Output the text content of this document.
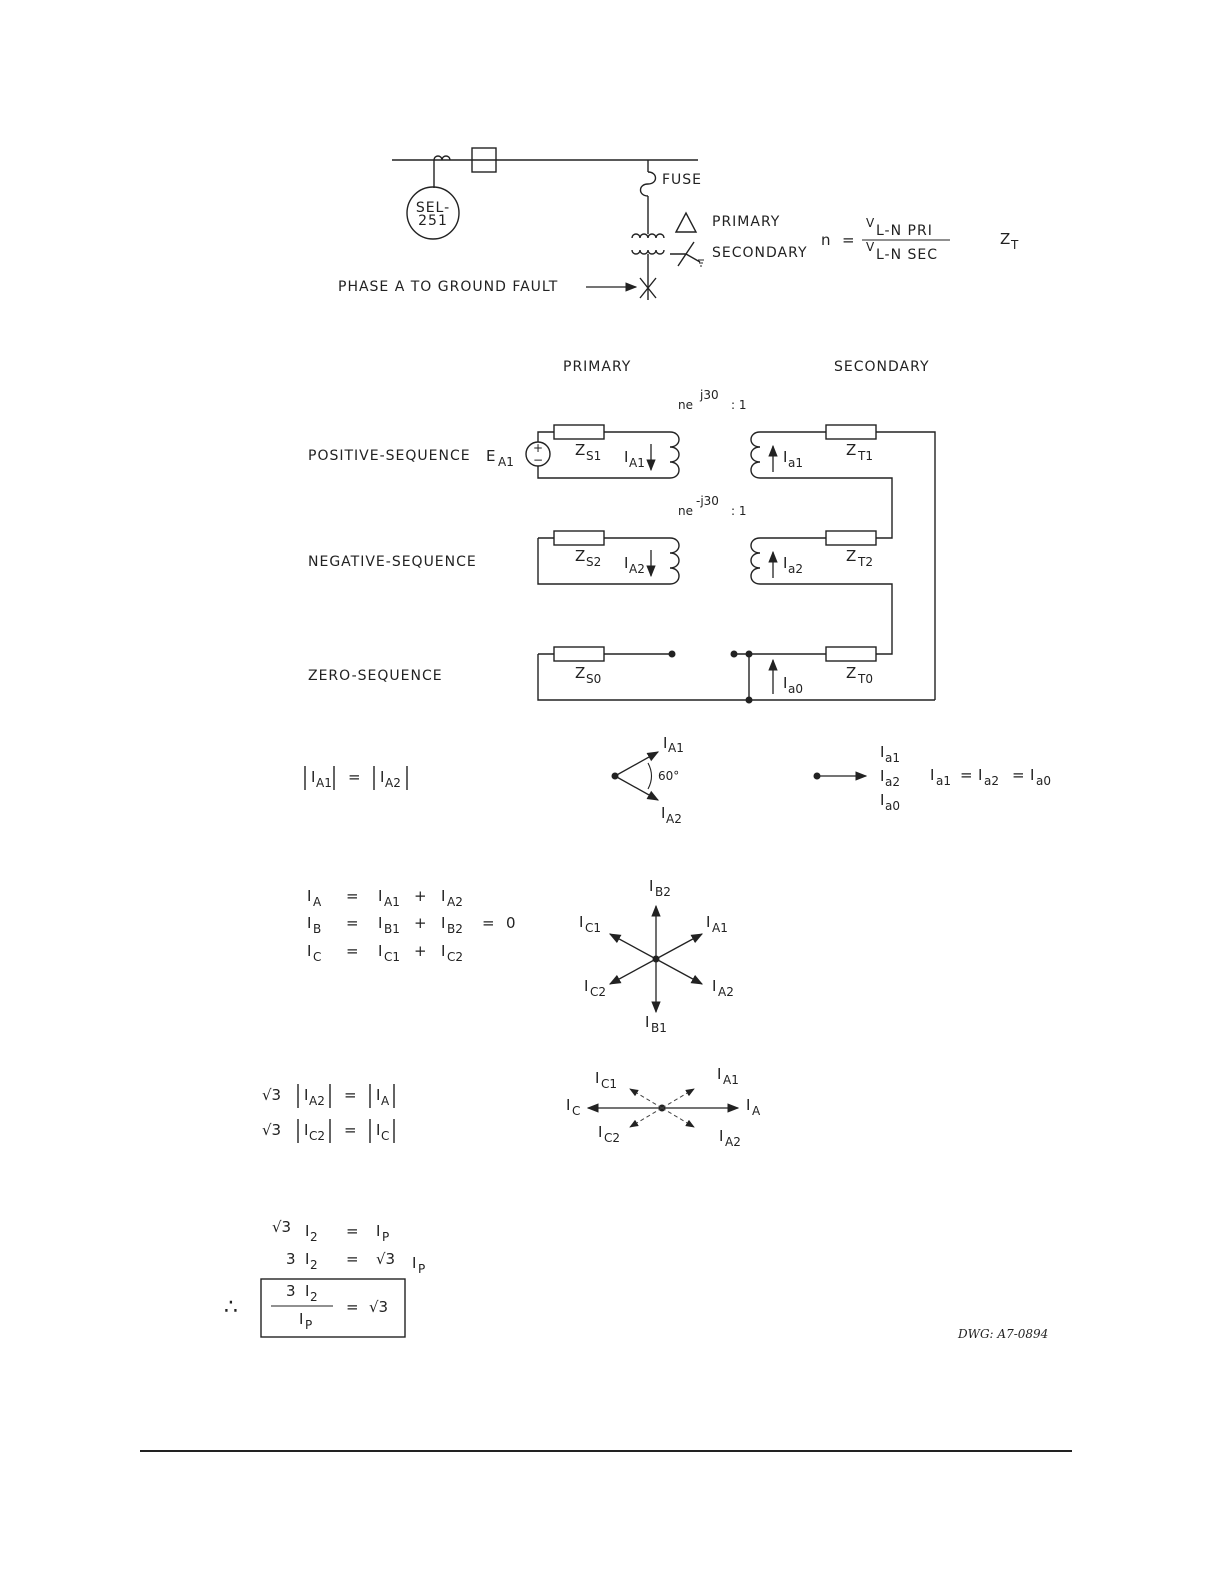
SEL-
251
FUSE
PRIMARY
SECONDARY
PHASE A TO GROUND FAULT
n =
V L-N PRI
V L-N SEC
Z T
PRIMARY	SECONDARY
ne
j30
: 1
ne
-j30
: 1
POSITIVE-SEQUENCE E A1
+
−
Z S1 I A1
Z T1
I a1
NEGATIVE-SEQUENCE	Z S2 I A2
Z T2
I a2
ZERO-SEQUENCE	Z S0	Z T0
I a0
I A1 = I A2	60°
I A1
I A2
I a1
I a2
I a0
I a1 = I a2 = I a0
I A = I A1 + I A2
I B = I B1 + I B2 = 0
I C = I C1 + I C2
I B2
I C1	I A1
I C2	I A2
I B1
√3 I A2 = I A
√3 I C2 = I C
I C1
I A1
I C	I A
I C2	I A2
√3 I 2 = I P
3 I 2 = √3 I P
∴
3 I 2
I P
= √3
DWG: A7-0894
